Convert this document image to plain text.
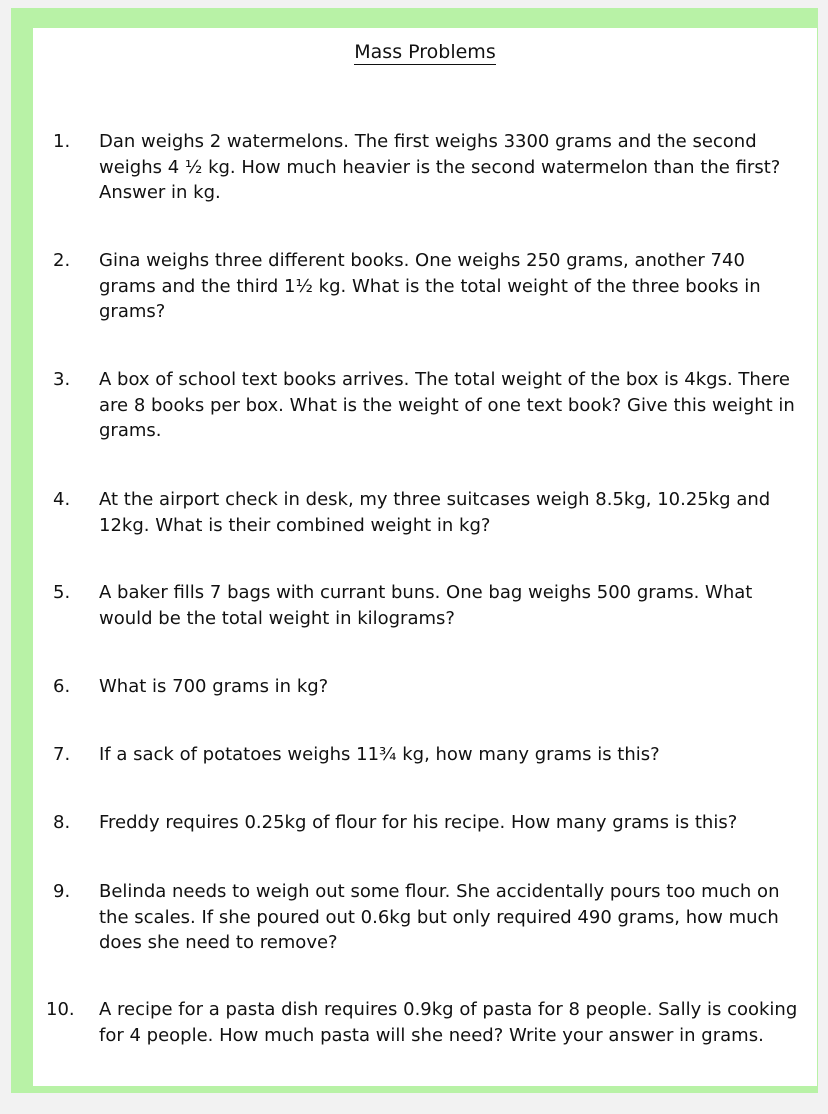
Mass Problems
1.	Dan weighs 2 watermelons. The first weighs 3300 grams and the second weighs 4 ½ kg. How much heavier is the second watermelon than the first? Answer in kg.
2.	Gina weighs three different books. One weighs 250 grams, another 740 grams and the third 1½ kg. What is the total weight of the three books in grams?
3.	A box of school text books arrives. The total weight of the box is 4kgs. There are 8 books per box. What is the weight of one text book? Give this weight in grams.
4.	At the airport check in desk, my three suitcases weigh 8.5kg, 10.25kg and 12kg. What is their combined weight in kg?
5.	A baker fills 7 bags with currant buns. One bag weighs 500 grams. What would be the total weight in kilograms?
6.	What is 700 grams in kg?
7.	If a sack of potatoes weighs 11¾ kg, how many grams is this?
8.	Freddy requires 0.25kg of flour for his recipe. How many grams is this?
9.	Belinda needs to weigh out some flour. She accidentally pours too much on the scales. If she poured out 0.6kg but only required 490 grams, how much does she need to remove?
10.	A recipe for a pasta dish requires 0.9kg of pasta for 8 people. Sally is cooking for 4 people. How much pasta will she need? Write your answer in grams.
